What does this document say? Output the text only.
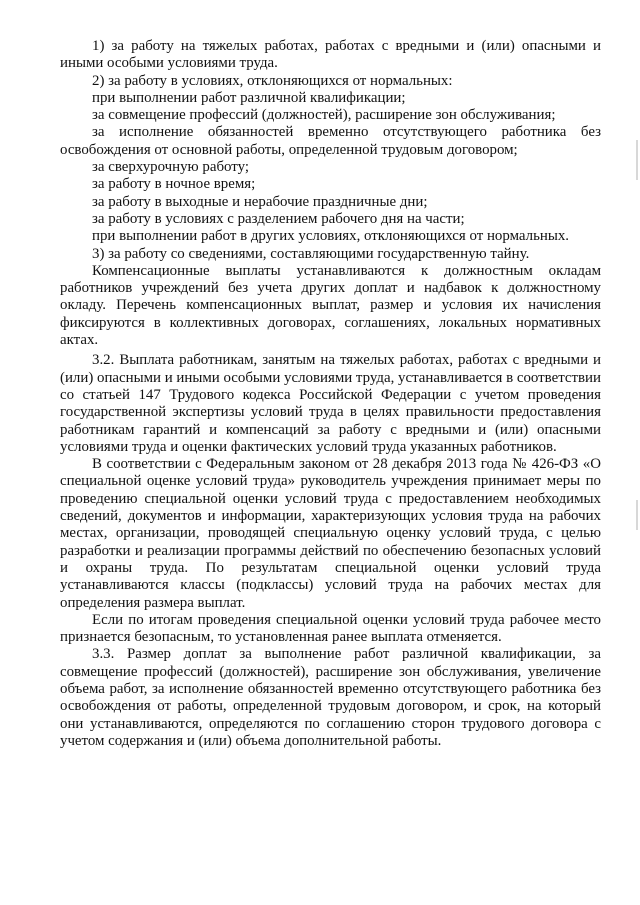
1) за работу на тяжелых работах, работах с вредными и (или) опасными и иными особыми условиями труда.

2) за работу в условиях, отклоняющихся от нормальных:

при выполнении работ различной квалификации;

за совмещение профессий (должностей), расширение зон обслуживания;

за исполнение обязанностей временно отсутствующего работника без освобождения от основной работы, определенной трудовым договором;

за сверхурочную работу;

за работу в ночное время;

за работу в выходные и нерабочие праздничные дни;

за работу в условиях с разделением рабочего дня на части;

при выполнении работ в других условиях, отклоняющихся от нормальных.

3) за работу со сведениями, составляющими государственную тайну.

Компенсационные выплаты устанавливаются к должностным окладам работников учреждений без учета других доплат и надбавок к должностному окладу. Перечень компенсационных выплат, размер и условия их начисления фиксируются в коллективных договорах, соглашениях, локальных нормативных актах.

3.2. Выплата работникам, занятым на тяжелых работах, работах с вредными и (или) опасными и иными особыми условиями труда, устанавливается в соответствии со статьей 147 Трудового кодекса Российской Федерации с учетом проведения государственной экспертизы условий труда в целях правильности предоставления работникам гарантий и компенсаций за работу с вредными и (или) опасными условиями труда и оценки фактических условий труда указанных работников.

В соответствии с Федеральным законом от 28 декабря 2013 года № 426-ФЗ «О специальной оценке условий труда» руководитель учреждения принимает меры по проведению специальной оценки условий труда с предоставлением необходимых сведений, документов и информации, характеризующих условия труда на рабочих местах, организации, проводящей специальную оценку условий труда, с целью разработки и реализации программы действий по обеспечению безопасных условий и охраны труда. По результатам специальной оценки условий труда устанавливаются классы (подклассы) условий труда на рабочих местах для определения размера выплат.

Если по итогам проведения специальной оценки условий труда рабочее место признается безопасным, то установленная ранее выплата отменяется.

3.3. Размер доплат за выполнение работ различной квалификации, за совмещение профессий (должностей), расширение зон обслуживания, увеличение объема работ, за исполнение обязанностей временно отсутствующего работника без освобождения от работы, определенной трудовым договором, и срок, на который они устанавливаются, определяются по соглашению сторон трудового договора с учетом содержания и (или) объема дополнительной работы.
